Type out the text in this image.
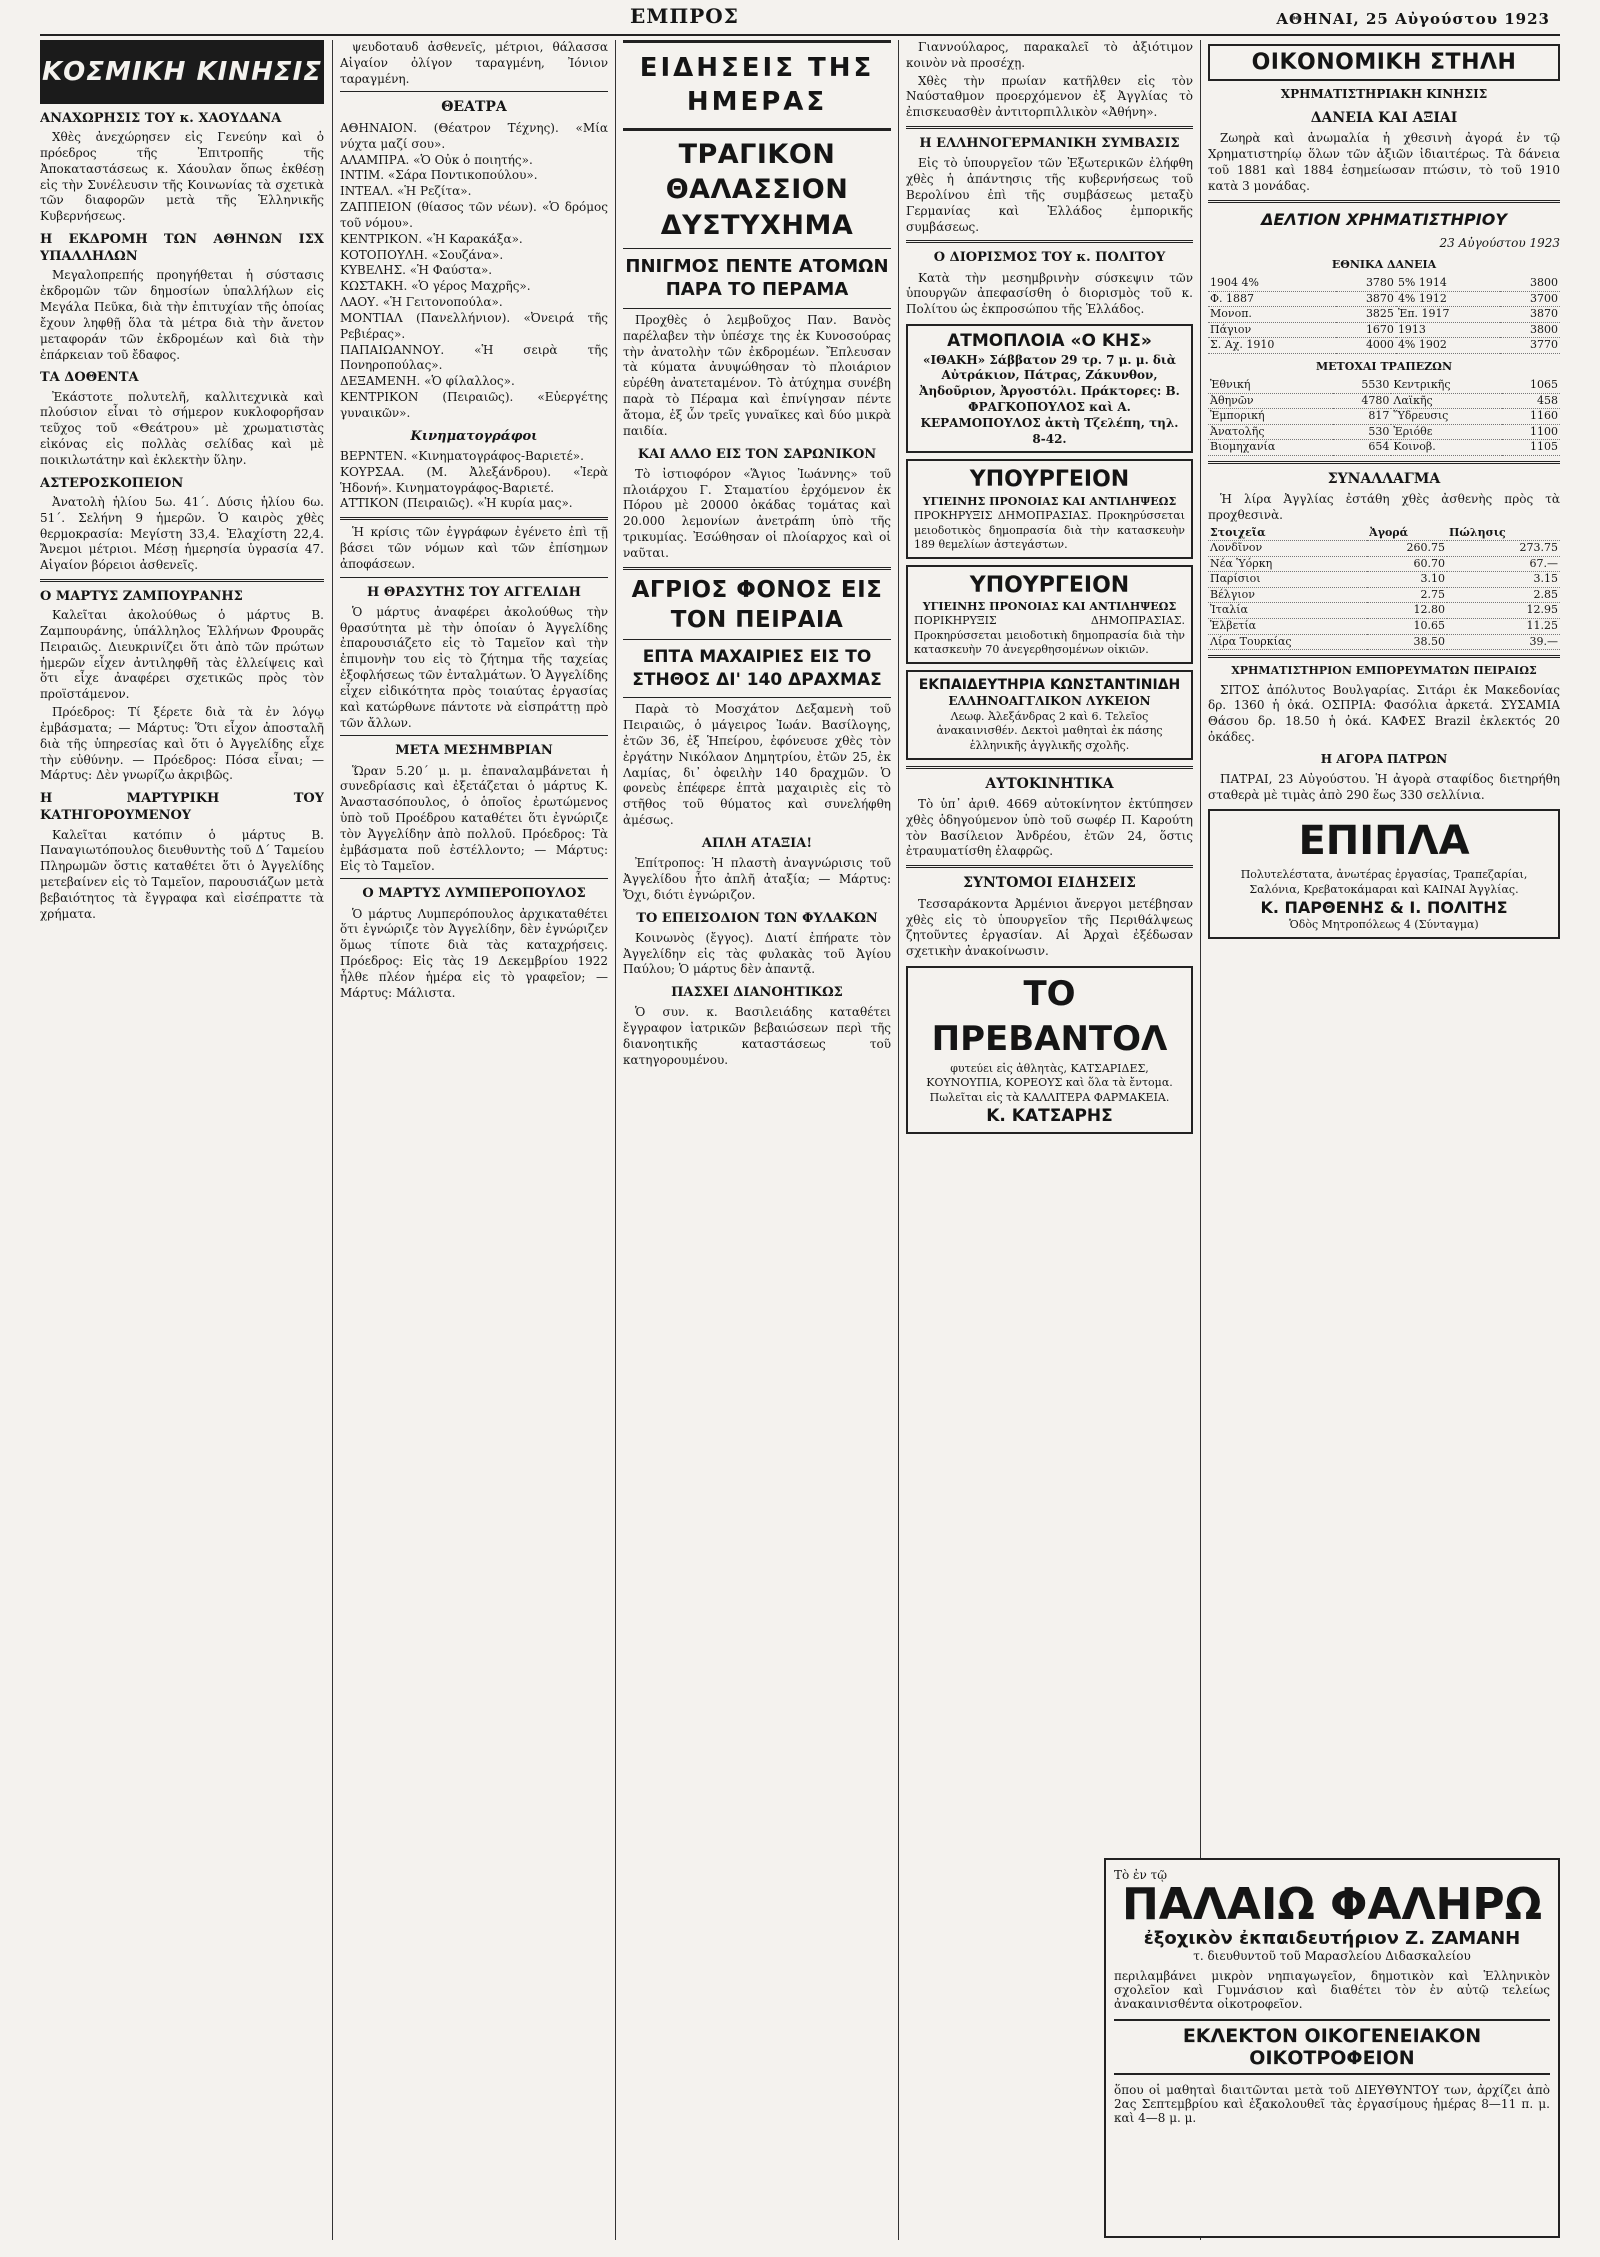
ΕΜΠΡΟΣ	ΑΘΗΝΑΙ, 25 Αὐγούστου 1923
ΚΟΣΜΙΚΗ ΚΙΝΗΣΙΣ
ΑΝΑΧΩΡΗΣΙΣ ΤΟΥ κ. ΧΑΟΥΔΑΝΑ

Χθὲς ἀνεχώρησεν εἰς Γενεύην καὶ ὁ πρόεδρος τῆς Ἐπιτροπῆς τῆς Ἀποκαταστάσεως κ. Χάουλαν ὅπως ἐκθέσῃ εἰς τὴν Συνέλευσιν τῆς Κοινωνίας τὰ σχετικὰ τῶν διαφορῶν μετὰ τῆς Ἑλληνικῆς Κυβερνήσεως.

Η ΕΚΔΡΟΜΗ ΤΩΝ ΑΘΗΝΩΝ ΙΣΧ ΥΠΑΛΛΗΛΩΝ

Μεγαλοπρεπής προηγήθεται ἡ σύστασις ἐκδρομῶν τῶν δημοσίων ὑπαλλήλων εἰς Μεγάλα Πεῦκα, διὰ τὴν ἐπιτυχίαν τῆς ὁποίας ἔχουν ληφθῇ ὅλα τὰ μέτρα διὰ τὴν ἄνετον μεταφοράν τῶν ἐκδρομέων καὶ διὰ τὴν ἐπάρκειαν τοῦ ἔδαφος.

ΤΑ ΔΟΘΕΝΤΑ

Ἐκάστοτε πολυτελῆ, καλλιτεχνικὰ καὶ πλούσιον εἶναι τὸ σήμερον κυκλοφορῆσαν τεῦχος τοῦ «Θεάτρου» μὲ χρωματιστὰς εἰκόνας εἰς πολλὰς σελίδας καὶ μὲ ποικιλωτάτην καὶ ἐκλεκτὴν ὕλην.

ΑΣΤΕΡΟΣΚΟΠΕΙΟΝ

Ἀνατολὴ ἡλίου 5ω. 41΄. Δύσις ἡλίου 6ω. 51΄. Σελήνη 9 ἡμερῶν. Ὁ καιρὸς χθὲς θερμοκρασία: Μεγίστη 33,4. Ἐλαχίστη 22,4. Ἄνεμοι μέτριοι. Μέσῃ ἡμερησία ὑγρασία 47. Αἰγαίον βόρειοι ἀσθενεῖς.

Ο ΜΑΡΤΥΣ ΖΑΜΠΟΥΡΑΝΗΣ

Καλεῖται ἀκολούθως ὁ μάρτυς Β. Ζαμπουράνης, ὑπάλληλος Ἑλλήνων Φρουρᾶς Πειραιῶς. Διευκρινίζει ὅτι ἀπὸ τῶν πρώτων ἡμερῶν εἶχεν ἀντιληφθῆ τὰς ἐλλείψεις καὶ ὅτι εἶχε ἀναφέρει σχετικῶς πρὸς τὸν προϊστάμενον.

Πρόεδρος: Τί ξέρετε διὰ τὰ ἐν λόγῳ ἐμβάσματα; — Μάρτυς: Ὅτι εἶχον ἀποσταλῆ διὰ τῆς ὑπηρεσίας καὶ ὅτι ὁ Ἀγγελίδης εἶχε τὴν εὐθύνην. — Πρόεδρος: Πόσα εἶναι; — Μάρτυς: Δὲν γνωρίζω ἀκριβῶς.

Η ΜΑΡΤΥΡΙΚΗ ΤΟΥ ΚΑΤΗΓΟΡΟΥΜΕΝΟΥ

Καλεῖται κατόπιν ὁ μάρτυς Β. Παναγιωτόπουλος διευθυντὴς τοῦ Δ΄ Ταμείου Πληρωμῶν ὅστις καταθέτει ὅτι ὁ Ἀγγελίδης μετεβαίνεν εἰς τὸ Ταμεῖον, παρουσιάζων μετὰ βεβαιότητος τὰ ἔγγραφα καὶ εἰσέπραττε τὰ χρήματα.

ψευδοταυδ ἀσθενεῖς, μέτριοι, θάλασσα Αἰγαίον ὀλίγον ταραγμένη, Ἰόνιον ταραγμένη.

ΘΕΑΤΡΑ
ΑΘΗΝΑΙΟΝ. (Θέατρον Τέχνης). «Μία νύχτα μαζί σου».
ΑΛΑΜΠΡΑ. «Ὁ Οὐκ ὁ ποιητής».
ΙΝΤΙΜ. «Σάρα Ποντικοπούλου».
ΙΝΤΕΑΛ. «Ἡ Ρεζίτα».
ΖΑΠΠΕΙΟΝ (θίασος τῶν νέων). «Ὁ δρόμος τοῦ νόμου».
ΚΕΝΤΡΙΚΟΝ. «Ἡ Καρακάξα».
ΚΟΤΟΠΟΥΛΗ. «Σουζάνα».
ΚΥΒΕΛΗΣ. «Ἡ Φαύστα».
ΚΩΣΤΑΚΗ. «Ὁ γέρος Μαχρῆς».
ΛΑΟΥ. «Ἡ Γειτονοπούλα».
ΜΟΝΤΙΑΛ (Πανελλήνιον). «Ὀνειρά τῆς Ρεβιέρας».
ΠΑΠΑΙΩΑΝΝΟΥ. «Ἡ σειρὰ τῆς Πονηροπούλας».
ΔΕΞΑΜΕΝΗ. «Ὁ φίλαλλος».
ΚΕΝΤΡΙΚΟΝ (Πειραιῶς). «Εὐεργέτης γυναικῶν».
Κινηματογράφοι
ΒΕΡΝΤΕΝ. «Κινηματογράφος-Βαριετέ».
ΚΟΥΡΣΑΑ. (Μ. Ἀλεξάνδρου). «Ἱερὰ Ἡδονή». Κινηματογράφος-Βαριετέ.
ΑΤΤΙΚΟΝ (Πειραιῶς). «Ἡ κυρία μας».

Ἡ κρίσις τῶν ἐγγράφων ἐγένετο ἐπὶ τῇ βάσει τῶν νόμων καὶ τῶν ἐπίσημων ἀποφάσεων.

Η ΘΡΑΣΥΤΗΣ ΤΟΥ ΑΓΓΕΛΙΔΗ

Ὁ μάρτυς ἀναφέρει ἀκολούθως τὴν θρασύτητα μὲ τὴν ὁποίαν ὁ Ἀγγελίδης ἐπαρουσιάζετο εἰς τὸ Ταμεῖον καὶ τὴν ἐπιμονὴν του εἰς τὸ ζήτημα τῆς ταχείας ἐξοφλήσεως τῶν ἐνταλμάτων. Ὁ Ἀγγελίδης εἶχεν εἰδικότητα πρὸς τοιαύτας ἐργασίας καὶ κατώρθωνε πάντοτε νὰ εἰσπράττῃ πρὸ τῶν ἄλλων.

ΜΕΤΑ ΜΕΣΗΜΒΡΙΑΝ

Ὥραν 5.20΄ μ. μ. ἐπαναλαμβάνεται ἡ συνεδρίασις καὶ ἐξετάζεται ὁ μάρτυς Κ. Ἀναστασόπουλος, ὁ ὁποῖος ἐρωτώμενος ὑπὸ τοῦ Προέδρου καταθέτει ὅτι ἐγνώριζε τὸν Ἀγγελίδην ἀπὸ πολλοῦ. Πρόεδρος: Τὰ ἐμβάσματα ποῦ ἐστέλλοντο; — Μάρτυς: Εἰς τὸ Ταμεῖον.

Ο ΜΑΡΤΥΣ ΛΥΜΠΕΡΟΠΟΥΛΟΣ

Ὁ μάρτυς Λυμπερόπουλος ἀρχικαταθέτει ὅτι ἐγνώριζε τὸν Ἀγγελίδην, δὲν ἐγνώριζεν ὅμως τίποτε διὰ τὰς καταχρήσεις. Πρόεδρος: Εἰς τὰς 19 Δεκεμβρίου 1922 ἦλθε πλέον ἡμέρα εἰς τὸ γραφεῖον; — Μάρτυς: Μάλιστα.

ΕΙΔΗΣΕΙΣ ΤΗΣ ΗΜΕΡΑΣ
ΤΡΑΓΙΚΟΝ ΘΑΛΑΣΣΙΟΝ ΔΥΣΤΥΧΗΜΑ
ΠΝΙΓΜΟΣ ΠΕΝΤΕ ΑΤΟΜΩΝ ΠΑΡΑ ΤΟ ΠΕΡΑΜΑ

Προχθὲς ὁ λεμβοῦχος Παν. Βανὸς παρέλαβεν τὴν ὑπέσχε της ἐκ Κυνοσούρας τὴν ἀνατολὴν τῶν ἐκδρομέων. Ἔπλευσαν τὰ κύματα ἀνυψώθησαν τὸ πλοιάριον εὐρέθη ἀνατεταμένον. Τὸ ἀτύχημα συνέβη παρὰ τὸ Πέραμα καὶ ἐπνίγησαν πέντε ἄτομα, ἐξ ὧν τρεῖς γυναῖκες καὶ δύο μικρὰ παιδία.

ΚΑΙ ΑΛΛΟ ΕΙΣ ΤΟΝ ΣΑΡΩΝΙΚΟΝ

Τὸ ἰστιοφόρον «Ἅγιος Ἰωάννης» τοῦ πλοιάρχου Γ. Σταματίου ἐρχόμενον ἐκ Πόρου μὲ 20000 ὀκάδας τομάτας καὶ 20.000 λεμονίων ἀνετράπη ὑπὸ τῆς τρικυμίας. Ἐσώθησαν οἱ πλοίαρχος καὶ οἱ ναῦται.

ΑΓΡΙΟΣ ΦΟΝΟΣ ΕΙΣ ΤΟΝ ΠΕΙΡΑΙΑ
ΕΠΤΑ ΜΑΧΑΙΡΙΕΣ ΕΙΣ ΤΟ ΣΤΗΘΟΣ ΔΙ' 140 ΔΡΑΧΜΑΣ

Παρὰ τὸ Μοσχάτον Δεξαμενὴ τοῦ Πειραιῶς, ὁ μάγειρος Ἰωάν. Βασίλογης, ἐτῶν 36, ἐξ Ἡπείρου, ἐφόνευσε χθὲς τὸν ἐργάτην Νικόλαον Δημητρίου, ἐτῶν 25, ἐκ Λαμίας, δι᾽ ὀφειλὴν 140 δραχμῶν. Ὁ φονεὺς ἐπέφερε ἑπτὰ μαχαιριὲς εἰς τὸ στῆθος τοῦ θύματος καὶ συνελήφθη ἀμέσως.

ΑΠΛΗ ΑΤΑΞΙΑ!

Ἐπίτροπος: Ἡ πλαστὴ ἀναγνώρισις τοῦ Ἀγγελίδου ἦτο ἀπλῆ ἀταξία; — Μάρτυς: Ὄχι, διότι ἐγνώριζον.

ΤΟ ΕΠΕΙΣΟΔΙΟΝ ΤΩΝ ΦΥΛΑΚΩΝ

Κοινωνὸς (ἔγγος). Διατί ἐπήρατε τὸν Ἀγγελίδην εἰς τὰς φυλακὰς τοῦ Ἀγίου Παύλου; Ὁ μάρτυς δὲν ἀπαντᾷ.

ΠΑΣΧΕΙ ΔΙΑΝΟΗΤΙΚΩΣ

Ὁ συν. κ. Βασιλειάδης καταθέτει ἔγγραφον ἰατρικῶν βεβαιώσεων περὶ τῆς διανοητικῆς καταστάσεως τοῦ κατηγορουμένου.

Γιαννούλαρος, παρακαλεῖ τὸ ἀξιότιμον κοινὸν νὰ προσέχῃ.

Χθὲς τὴν πρωίαν κατῆλθεν εἰς τὸν Ναύσταθμον προερχόμενον ἐξ Ἀγγλίας τὸ ἐπισκευασθὲν ἀντιτορπιλλικὸν «Ἀθήνη».

Η ΕΛΛΗΝΟΓΕΡΜΑΝΙΚΗ ΣΥΜΒΑΣΙΣ

Εἰς τὸ ὑπουργεῖον τῶν Ἐξωτερικῶν ἐλήφθη χθὲς ἡ ἀπάντησις τῆς κυβερνήσεως τοῦ Βερολίνου ἐπὶ τῆς συμβάσεως μεταξὺ Γερμανίας καὶ Ἑλλάδος ἐμπορικῆς συμβάσεως.

Ο ΔΙΟΡΙΣΜΟΣ ΤΟΥ κ. ΠΟΛΙΤΟΥ

Κατὰ τὴν μεσημβρινὴν σύσκεψιν τῶν ὑπουργῶν ἀπεφασίσθη ὁ διορισμὸς τοῦ κ. Πολίτου ὡς ἐκπροσώπου τῆς Ἑλλάδος.

ΑΤΜΟΠΛΟΙΑ «Ο ΚΗΣ»
«ΙΘΑΚΗ» Σάββατον 29 τρ. 7 μ. μ. διὰ Αὐτράκιον, Πάτρας, Ζάκυνθον, Ἀηδοῦριον, Ἀργοστόλι. Πράκτορες: Β. ΦΡΑΓΚΟΠΟΥΛΟΣ καὶ Α. ΚΕΡΑΜΟΠΟΥΛΟΣ ἀκτὴ Τζελέπη, τηλ. 8-42.
ΥΠΟΥΡΓΕΙΟΝ
ΥΓΙΕΙΝΗΣ ΠΡΟΝΟΙΑΣ ΚΑΙ ΑΝΤΙΛΗΨΕΩΣ
ΠΡΟΚΗΡΥΞΙΣ ΔΗΜΟΠΡΑΣΙΑΣ. Προκηρύσσεται μειοδοτικὸς δημοπρασία διὰ τὴν κατασκευὴν 189 θεμελίων ἀστεγάστων.
ΥΠΟΥΡΓΕΙΟΝ
ΥΓΙΕΙΝΗΣ ΠΡΟΝΟΙΑΣ ΚΑΙ ΑΝΤΙΛΗΨΕΩΣ
ΠΟΡΙΚΗΡΥΞΙΣ ΔΗΜΟΠΡΑΣΙΑΣ. Προκηρύσσεται μειοδοτικὴ δημοπρασία διὰ τὴν κατασκευὴν 70 ἀνεγερθησομένων οἰκιῶν.
ΕΚΠΑΙΔΕΥΤΗΡΙΑ ΚΩΝΣΤΑΝΤΙΝΙΔΗ
ΕΛΛΗΝΟΑΓΓΛΙΚΟΝ ΛΥΚΕΙΟΝ
Λεωφ. Ἀλεξάνδρας 2 καὶ 6. Τελεῖος ἀνακαινισθέν. Δεκτοὶ μαθηταὶ ἐκ πάσης ἑλληνικῆς ἀγγλικῆς σχολῆς.
ΑΥΤΟΚΙΝΗΤΙΚΑ

Τὸ ὑπ᾽ ἀριθ. 4669 αὐτοκίνητον ἐκτύπησεν χθὲς ὁδηγούμενον ὑπὸ τοῦ σωφέρ Π. Καρούτη τὸν Βασίλειον Ἀνδρέου, ἐτῶν 24, ὅστις ἐτραυματίσθη ἐλαφρῶς.

ΣΥΝΤΟΜΟΙ ΕΙΔΗΣΕΙΣ

Τεσσαράκοντα Ἀρμένιοι ἄνεργοι μετέβησαν χθὲς εἰς τὸ ὑπουργεῖον τῆς Περιθάλψεως ζητοῦντες ἐργασίαν. Αἱ Ἀρχαὶ ἐξέδωσαν σχετικὴν ἀνακοίνωσιν.

ΤΟ ΠΡΕΒΑΝΤΟΛ
φυτεύει εἰς ἀθλητὰς, ΚΑΤΣΑΡΙΔΕΣ, ΚΟΥΝΟΥΠΙΑ, ΚΟΡΕΟΥΣ καὶ ὅλα τὰ ἔντομα. Πωλεῖται εἰς τὰ ΚΑΛΛΙΤΕΡΑ ΦΑΡΜΑΚΕΙΑ.
Κ. ΚΑΤΣΑΡΗΣ
ΟΙΚΟΝΟΜΙΚΗ ΣΤΗΛΗ
ΧΡΗΜΑΤΙΣΤΗΡΙΑΚΗ ΚΙΝΗΣΙΣ
ΔΑΝΕΙΑ ΚΑΙ ΑΞΙΑΙ

Ζωηρὰ καὶ ἀνωμαλία ἡ χθεσινὴ ἀγορά ἐν τῷ Χρηματιστηρίῳ ὅλων τῶν ἀξιῶν ἰδιαιτέρως. Τὰ δάνεια τοῦ 1881 καὶ 1884 ἐσημείωσαν πτώσιν, τὸ τοῦ 1910 κατὰ 3 μονάδας.

ΔΕΛΤΙΟΝ ΧΡΗΜΑΤΙΣΤΗΡΙΟΥ
23 Αὐγούστου 1923
ΕΘΝΙΚΑ ΔΑΝΕΙΑ
1904 4%	3780	5% 1914	3800
Φ. 1887	3870	4% 1912	3700
Μονοπ.	3825	Ἐπ. 1917	3870
Πάγιον	1670	1913	3800
Σ. Αχ. 1910	4000	4% 1902	3770
ΜΕΤΟΧΑΙ ΤΡΑΠΕΖΩΝ
Ἐθνική	5530	Κεντρικῆς	1065
Ἀθηνῶν	4780	Λαϊκῆς	458
Ἐμπορική	817	Ὕδρευσις	1160
Ἀνατολῆς	530	Ἐριόθε	1100
Βιομηχανία	654	Κοινοβ.	1105
ΣΥΝΑΛΛΑΓΜΑ

Ἡ λίρα Ἀγγλίας ἐστάθη χθὲς ἀσθενὴς πρὸς τὰ προχθεσινὰ.

Στοιχεῖα	Ἀγορά	Πώλησις
Λονδῖνον	260.75	273.75
Νέα Ὑόρκη	60.70	67.—
Παρίσιοι	3.10	3.15
Βέλγιον	2.75	2.85
Ἰταλία	12.80	12.95
Ἑλβετία	10.65	11.25
Λίρα Τουρκίας	38.50	39.—
ΧΡΗΜΑΤΙΣΤΗΡΙΟΝ ΕΜΠΟΡΕΥΜΑΤΩΝ ΠΕΙΡΑΙΩΣ

ΣΙΤΟΣ ἀπόλυτος Βουλγαρίας. Σιτάρι ἐκ Μακεδονίας δρ. 1360 ἡ ὀκά. ΟΣΠΡΙΑ: Φασόλια ἀρκετά. ΣΥΣΑΜΙΑ Θάσου δρ. 18.50 ἡ ὀκά. ΚΑΦΕΣ Brazil ἐκλεκτός 20 ὀκάδες.

Η ΑΓΟΡΑ ΠΑΤΡΩΝ

ΠΑΤΡΑΙ, 23 Αὐγούστου. Ἡ ἀγορὰ σταφίδος διετηρήθη σταθερὰ μὲ τιμὰς ἀπὸ 290 ἕως 330 σελλίνια.

ΕΠΙΠΛΑ
Πολυτελέστατα, ἀνωτέρας ἐργασίας, Τραπεζαρίαι, Σαλόνια, Κρεβατοκάμαραι καὶ ΚΑΙΝΑΙ Ἀγγλίας.
Κ. ΠΑΡΘΕΝΗΣ & Ι. ΠΟΛΙΤΗΣ
Ὁδὸς Μητροπόλεως 4 (Σύνταγμα)
Τὸ ἐν τῷ
ΠΑΛΑΙΩ ΦΑΛΗΡΩ
ἐξοχικὸν ἐκπαιδευτήριον Ζ. ΖΑΜΑΝΗ
τ. διευθυντοῦ τοῦ Μαρασλείου Διδασκαλείου
περιλαμβάνει μικρὸν νηπιαγωγεῖον, δημοτικὸν καὶ Ἑλληνικὸν σχολεῖον καὶ Γυμνάσιον καὶ διαθέτει τὸν ἐν αὐτῷ τελείως ἀνακαινισθέντα οἰκοτροφεῖον.
ΕΚΛΕΚΤΟΝ ΟΙΚΟΓΕΝΕΙΑΚΟΝ ΟΙΚΟΤΡΟΦΕΙΟΝ
ὅπου οἱ μαθηταὶ διαιτῶνται μετὰ τοῦ ΔΙΕΥΘΥΝΤΟΥ των, ἀρχίζει ἀπὸ 2ας Σεπτεμβρίου καὶ ἐξακολουθεῖ τὰς ἐργασίμους ἡμέρας 8—11 π. μ. καὶ 4—8 μ. μ.
